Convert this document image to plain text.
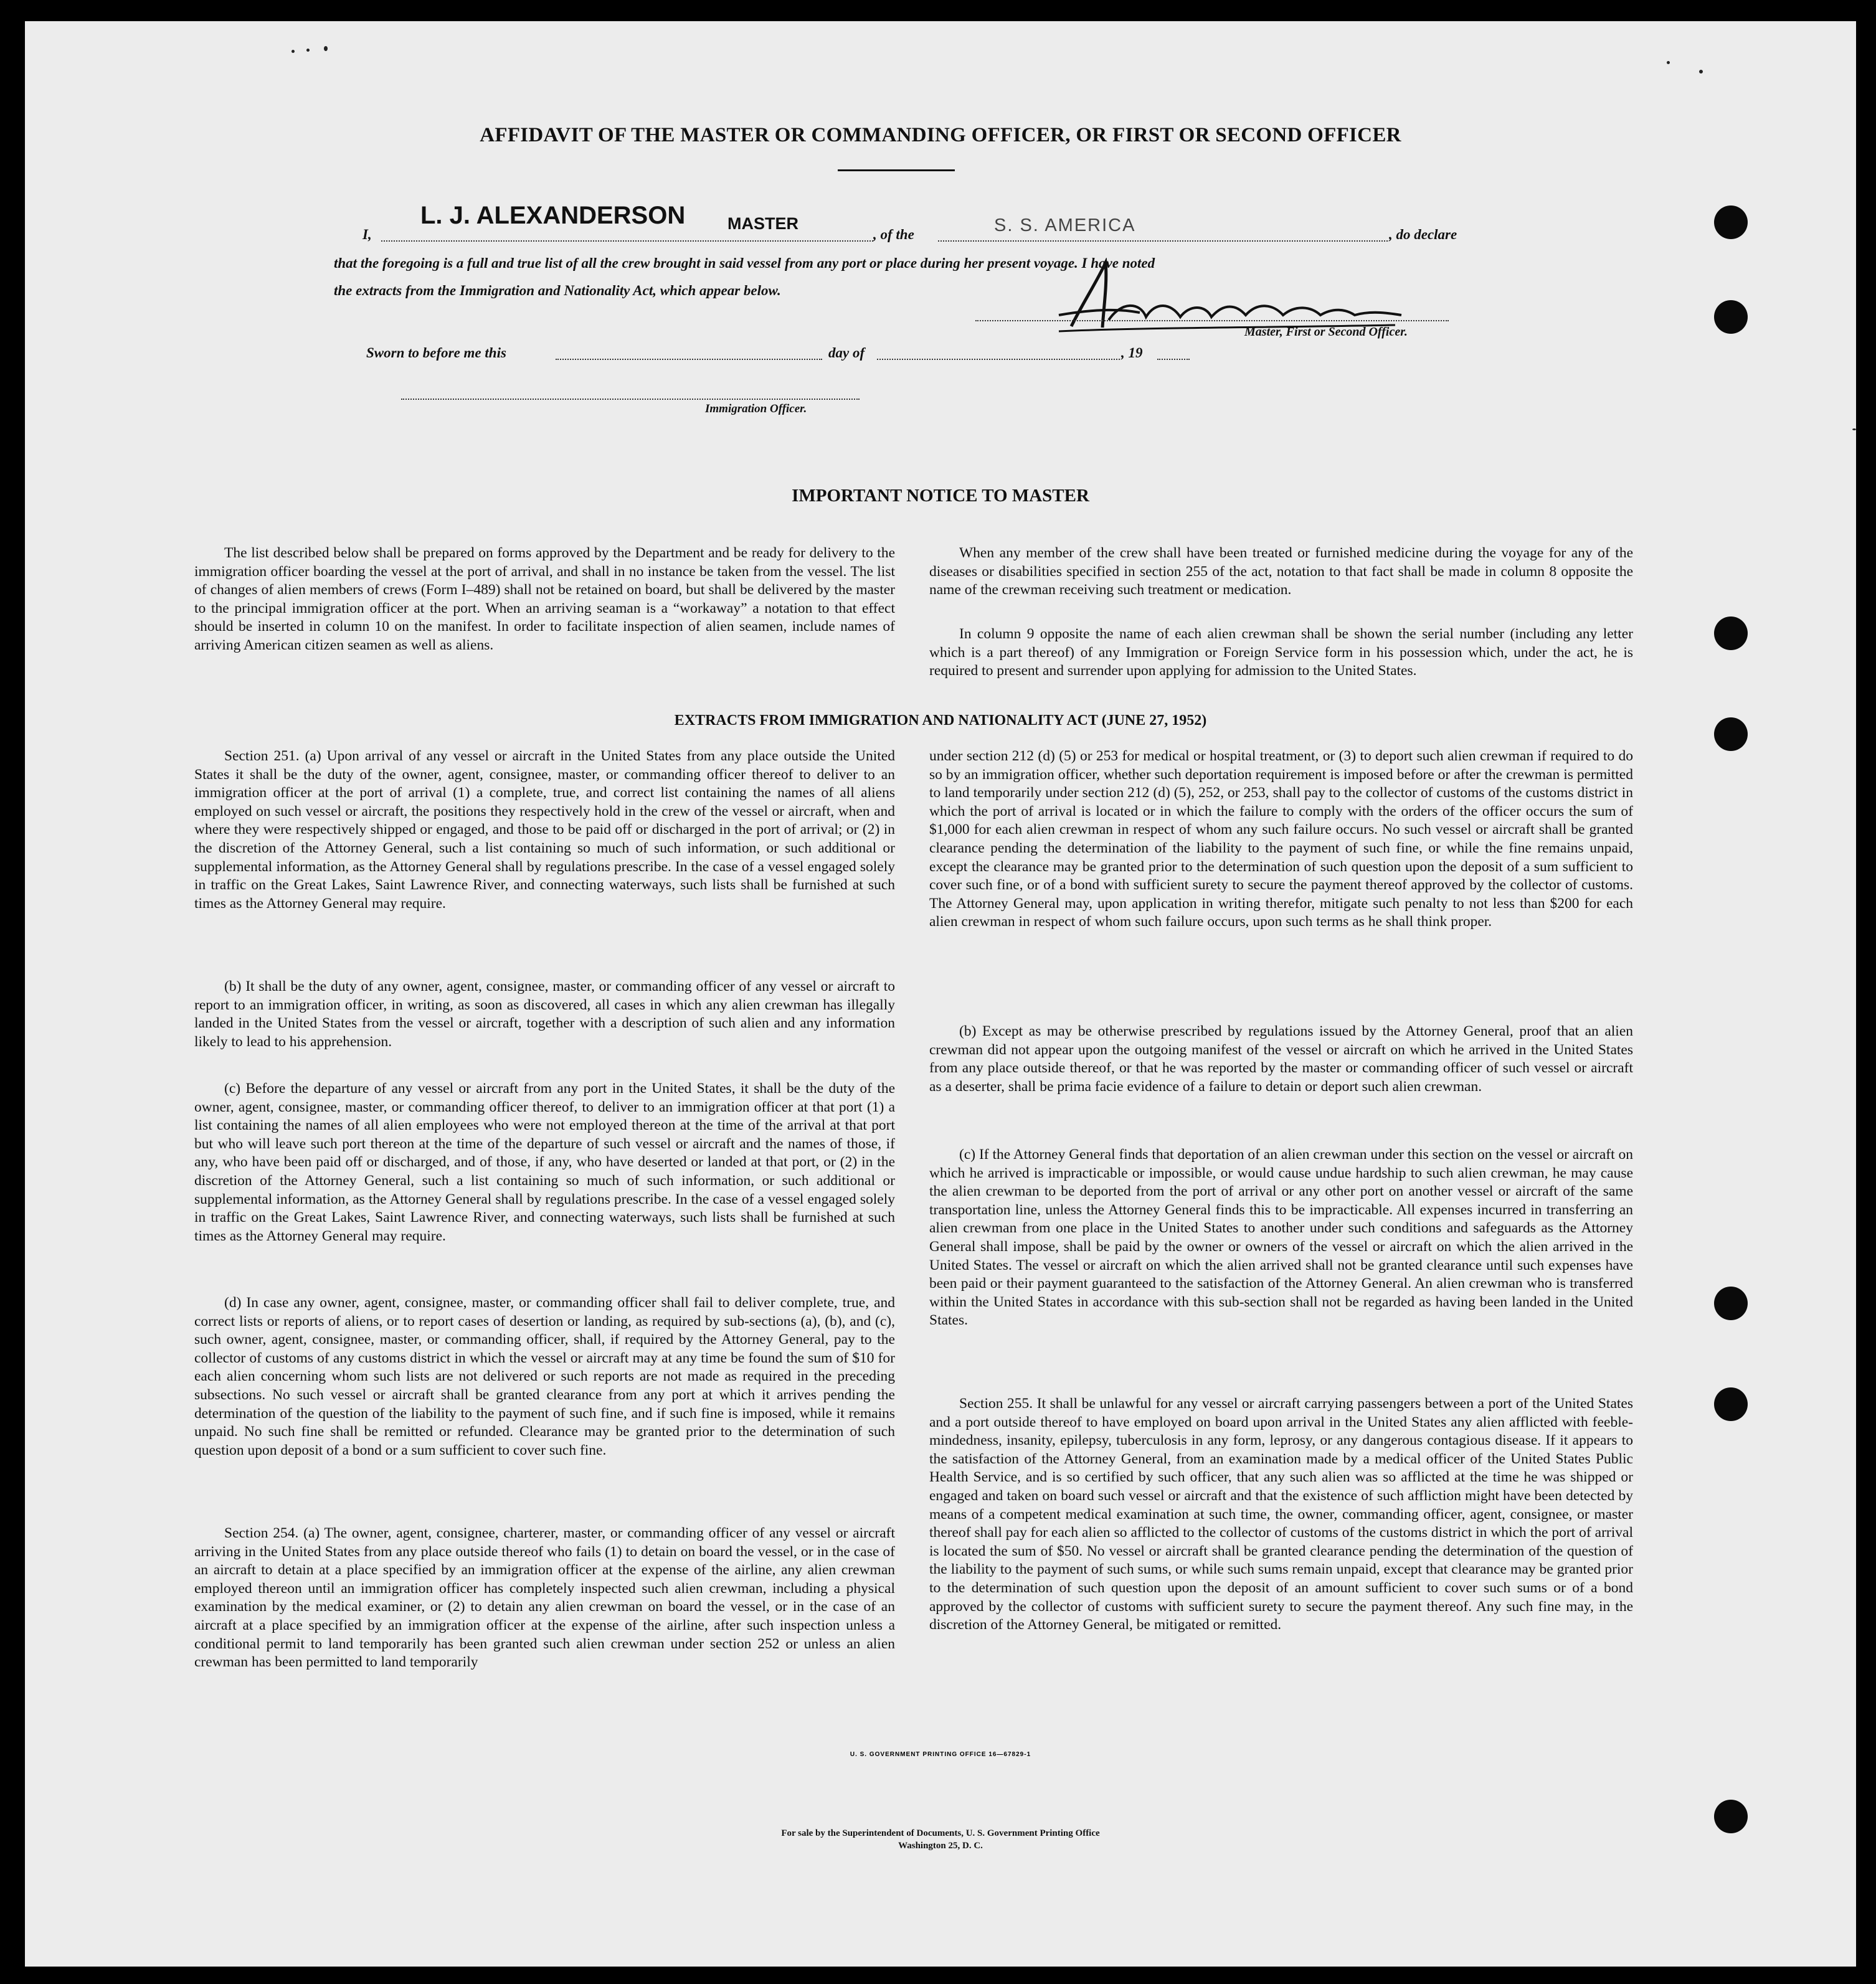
AFFIDAVIT OF THE MASTER OR COMMANDING OFFICER, OR FIRST OR SECOND OFFICER
I,
L. J. ALEXANDERSON	MASTER
, of the	S. S. AMERICA	, do declare
that the foregoing is a full and true list of all the crew brought in said vessel from any port or place during her present voyage. I have noted
the extracts from the Immigration and Nationality Act, which appear below.
Master, First or Second Officer.
Sworn to before me this	day of	, 19
Immigration Officer.
IMPORTANT NOTICE TO MASTER

The list described below shall be prepared on forms approved by the Department and be ready for delivery to the immigration officer boarding the vessel at the port of arrival, and shall in no instance be taken from the vessel. The list of changes of alien members of crews (Form I–489) shall not be retained on board, but shall be delivered by the master to the principal immigration officer at the port. When an arriving seaman is a “workaway” a notation to that effect should be inserted in column 10 on the manifest. In order to facilitate inspection of alien seamen, include names of arriving American citizen seamen as well as aliens.

When any member of the crew shall have been treated or furnished medicine during the voyage for any of the diseases or disabilities specified in section 255 of the act, notation to that fact shall be made in column 8 opposite the name of the crewman receiving such treatment or medication.

In column 9 opposite the name of each alien crewman shall be shown the serial number (including any letter which is a part thereof) of any Immigration or Foreign Service form in his possession which, under the act, he is required to present and surrender upon applying for admission to the United States.

EXTRACTS FROM IMMIGRATION AND NATIONALITY ACT (JUNE 27, 1952)

Section 251. (a) Upon arrival of any vessel or aircraft in the United States from any place outside the United States it shall be the duty of the owner, agent, consignee, master, or commanding officer thereof to deliver to an immigration officer at the port of arrival (1) a complete, true, and correct list containing the names of all aliens employed on such vessel or aircraft, the positions they respectively hold in the crew of the vessel or aircraft, when and where they were respectively shipped or engaged, and those to be paid off or discharged in the port of arrival; or (2) in the discretion of the Attorney General, such a list containing so much of such information, or such additional or supplemental information, as the Attorney General shall by regulations prescribe. In the case of a vessel engaged solely in traffic on the Great Lakes, Saint Lawrence River, and connecting waterways, such lists shall be furnished at such times as the Attorney General may require.

(b) It shall be the duty of any owner, agent, consignee, master, or commanding officer of any vessel or aircraft to report to an immigration officer, in writing, as soon as discovered, all cases in which any alien crewman has illegally landed in the United States from the vessel or aircraft, together with a description of such alien and any information likely to lead to his apprehension.

(c) Before the departure of any vessel or aircraft from any port in the United States, it shall be the duty of the owner, agent, consignee, master, or commanding officer thereof, to deliver to an immigration officer at that port (1) a list containing the names of all alien employees who were not employed thereon at the time of the arrival at that port but who will leave such port thereon at the time of the departure of such vessel or aircraft and the names of those, if any, who have been paid off or discharged, and of those, if any, who have deserted or landed at that port, or (2) in the discretion of the Attorney General, such a list containing so much of such information, or such additional or supplemental information, as the Attorney General shall by regulations prescribe. In the case of a vessel engaged solely in traffic on the Great Lakes, Saint Lawrence River, and connecting waterways, such lists shall be furnished at such times as the Attorney General may require.

(d) In case any owner, agent, consignee, master, or commanding officer shall fail to deliver complete, true, and correct lists or reports of aliens, or to report cases of desertion or landing, as required by sub-sections (a), (b), and (c), such owner, agent, consignee, master, or commanding officer, shall, if required by the Attorney General, pay to the collector of customs of any customs district in which the vessel or aircraft may at any time be found the sum of $10 for each alien concerning whom such lists are not delivered or such reports are not made as required in the preceding subsections. No such vessel or aircraft shall be granted clearance from any port at which it arrives pending the determination of the question of the liability to the payment of such fine, and if such fine is imposed, while it remains unpaid. No such fine shall be remitted or refunded. Clearance may be granted prior to the determination of such question upon deposit of a bond or a sum sufficient to cover such fine.

Section 254. (a) The owner, agent, consignee, charterer, master, or commanding officer of any vessel or aircraft arriving in the United States from any place outside thereof who fails (1) to detain on board the vessel, or in the case of an aircraft to detain at a place specified by an immigration officer at the expense of the airline, any alien crewman employed thereon until an immigration officer has completely inspected such alien crewman, including a physical examination by the medical examiner, or (2) to detain any alien crewman on board the vessel, or in the case of an aircraft at a place specified by an immigration officer at the expense of the airline, after such inspection unless a conditional permit to land temporarily has been granted such alien crewman under section 252 or unless an alien crewman has been permitted to land temporarily

under section 212 (d) (5) or 253 for medical or hospital treatment, or (3) to deport such alien crewman if required to do so by an immigration officer, whether such deportation requirement is imposed before or after the crewman is permitted to land temporarily under section 212 (d) (5), 252, or 253, shall pay to the collector of customs of the customs district in which the port of arrival is located or in which the failure to comply with the orders of the officer occurs the sum of $1,000 for each alien crewman in respect of whom any such failure occurs. No such vessel or aircraft shall be granted clearance pending the determination of the liability to the payment of such fine, or while the fine remains unpaid, except the clearance may be granted prior to the determination of such question upon the deposit of a sum sufficient to cover such fine, or of a bond with sufficient surety to secure the payment thereof approved by the collector of customs. The Attorney General may, upon application in writing therefor, mitigate such penalty to not less than $200 for each alien crewman in respect of whom such failure occurs, upon such terms as he shall think proper.

(b) Except as may be otherwise prescribed by regulations issued by the Attorney General, proof that an alien crewman did not appear upon the outgoing manifest of the vessel or aircraft on which he arrived in the United States from any place outside thereof, or that he was reported by the master or commanding officer of such vessel or aircraft as a deserter, shall be prima facie evidence of a failure to detain or deport such alien crewman.

(c) If the Attorney General finds that deportation of an alien crewman under this section on the vessel or aircraft on which he arrived is impracticable or impossible, or would cause undue hardship to such alien crewman, he may cause the alien crewman to be deported from the port of arrival or any other port on another vessel or aircraft of the same transportation line, unless the Attorney General finds this to be impracticable. All expenses incurred in transferring an alien crewman from one place in the United States to another under such conditions and safeguards as the Attorney General shall impose, shall be paid by the owner or owners of the vessel or aircraft on which the alien arrived in the United States. The vessel or aircraft on which the alien arrived shall not be granted clearance until such expenses have been paid or their payment guaranteed to the satisfaction of the Attorney General. An alien crewman who is transferred within the United States in accordance with this sub-section shall not be regarded as having been landed in the United States.

Section 255. It shall be unlawful for any vessel or aircraft carrying passengers between a port of the United States and a port outside thereof to have employed on board upon arrival in the United States any alien afflicted with feeble-mindedness, insanity, epilepsy, tuberculosis in any form, leprosy, or any dangerous contagious disease. If it appears to the satisfaction of the Attorney General, from an examination made by a medical officer of the United States Public Health Service, and is so certified by such officer, that any such alien was so afflicted at the time he was shipped or engaged and taken on board such vessel or aircraft and that the existence of such affliction might have been detected by means of a competent medical examination at such time, the owner, commanding officer, agent, consignee, or master thereof shall pay for each alien so afflicted to the collector of customs of the customs district in which the port of arrival is located the sum of $50. No vessel or aircraft shall be granted clearance pending the determination of the question of the liability to the payment of such sums, or while such sums remain unpaid, except that clearance may be granted prior to the determination of such question upon the deposit of an amount sufficient to cover such sums or of a bond approved by the collector of customs with sufficient surety to secure the payment thereof. Any such fine may, in the discretion of the Attorney General, be mitigated or remitted.

U. S. GOVERNMENT PRINTING OFFICE 16—67829-1
For sale by the Superintendent of Documents, U. S. Government Printing Office
Washington 25, D. C.
